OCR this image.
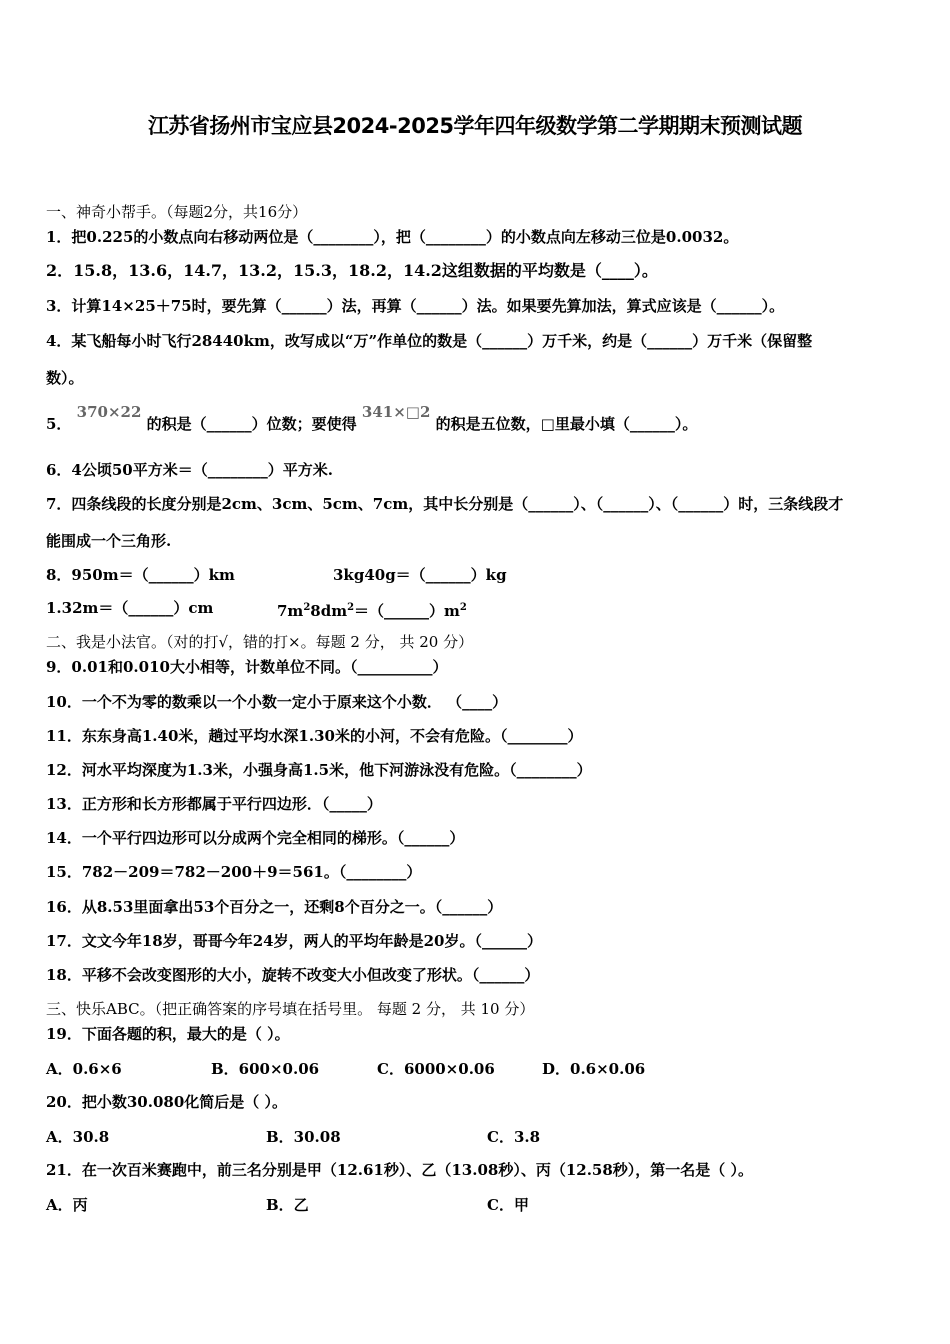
江苏省扬州市宝应县2024-2025学年四年级数学第二学期期末预测试题
一、神奇小帮手。（每题2分，共16分）
1．把0.225的小数点向右移动两位是（________），把（________）的小数点向左移动三位是0.0032。
2．15.8，13.6，14.7，13.2，15.3，18.2，14.2这组数据的平均数是（____）。
3．计算14×25＋75时，要先算（______）法，再算（______）法。如果要先算加法，算式应该是（______）。
4．某飞船每小时飞行28440km，改写成以“万”作单位的数是（______）万千米，约是（______）万千米（保留整
数）。
5． 370×22 的积是（______）位数；要使得 341×□2 的积是五位数，□里最小填（______）。
6．4公顷50平方米＝（________）平方米.
7．四条线段的长度分别是2cm、3cm、5cm、7cm，其中长分别是（______）、（______）、（______）时，三条线段才
能围成一个三角形.
8．950m＝（______）km	3kg40g＝（______）kg
1.32m＝（______）cm	$7m^28dm^2=(\_\_\_\_\_\_)m^2$
二、我是小法官。（对的打√，错的打×。每题 2 分， 共 20 分）
9．0.01和0.010大小相等，计数单位不同。（__________）
10．一个不为零的数乘以一个小数一定小于原来这个小数． （____）
11．东东身高1.40米，趟过平均水深1.30米的小河，不会有危险。（________）
12．河水平均深度为1.3米，小强身高1.5米，他下河游泳没有危险。（________）
13．正方形和长方形都属于平行四边形．（_____）
14．一个平行四边形可以分成两个完全相同的梯形。（______）
15．782－209＝782－200＋9＝561。（________）
16．从8.53里面拿出53个百分之一，还剩8个百分之一。（______）
17．文文今年18岁，哥哥今年24岁，两人的平均年龄是20岁。（______）
18．平移不会改变图形的大小，旋转不改变大小但改变了形状。（______）
三、快乐ABC。（把正确答案的序号填在括号里。 每题 2 分， 共 10 分）
19．下面各题的积，最大的是（ ）。
A．0.6×6	B．600×0.06	C．6000×0.06	D．0.6×0.06
20．把小数30.080化简后是（ ）。
A．30.8	B．30.08	C．3.8
21．在一次百米赛跑中，前三名分别是甲（12.61秒）、乙（13.08秒）、丙（12.58秒），第一名是（ ）。
A．丙	B．乙	C．甲
